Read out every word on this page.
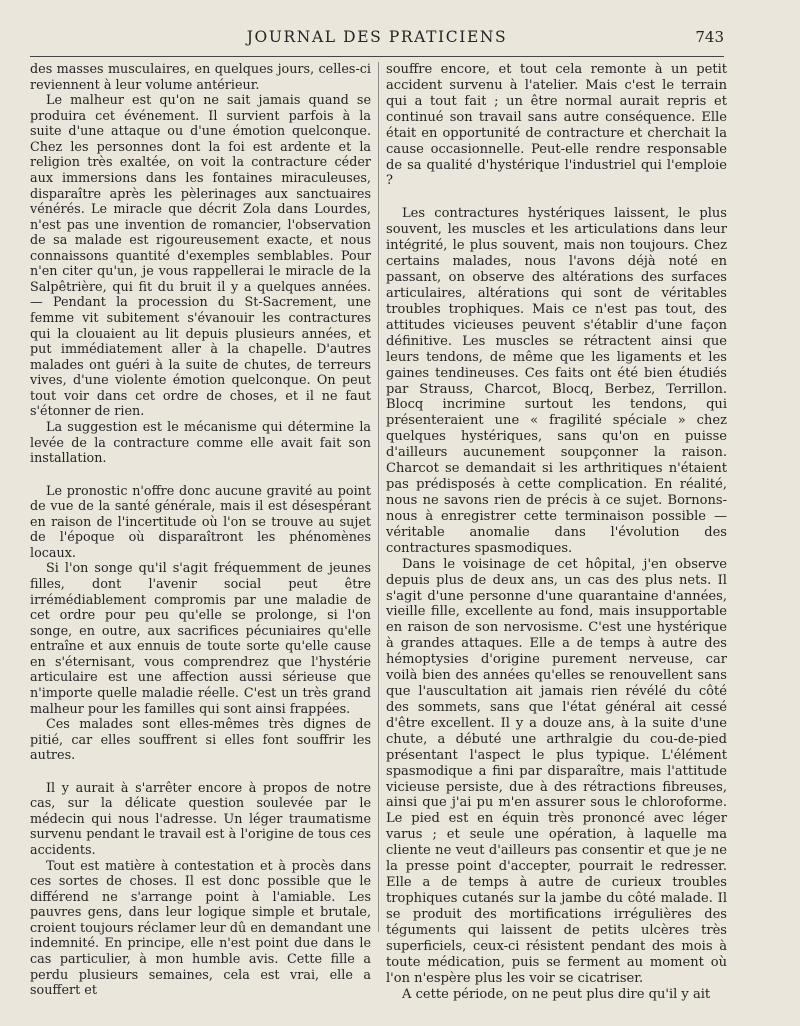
JOURNAL DES PRATICIENS	743

des masses musculaires, en quelques jours, celles-ci reviennent à leur volume antérieur.

Le malheur est qu'on ne sait jamais quand se produira cet événement. Il survient parfois à la suite d'une attaque ou d'une émotion quelconque. Chez les personnes dont la foi est ardente et la religion très exaltée, on voit la contracture céder aux immersions dans les fontaines miraculeuses, disparaître après les pèlerinages aux sanctuaires vénérés. Le miracle que décrit Zola dans Lourdes, n'est pas une invention de romancier, l'observation de sa malade est rigoureusement exacte, et nous connaissons quantité d'exemples semblables. Pour n'en citer qu'un, je vous rappellerai le miracle de la Salpêtrière, qui fit du bruit il y a quelques années. — Pendant la procession du St-Sacrement, une femme vit subitement s'évanouir les contractures qui la clouaient au lit depuis plusieurs années, et put immédiatement aller à la chapelle. D'autres malades ont guéri à la suite de chutes, de terreurs vives, d'une violente émotion quelconque. On peut tout voir dans cet ordre de choses, et il ne faut s'étonner de rien.

La suggestion est le mécanisme qui détermine la levée de la contracture comme elle avait fait son installation.

Le pronostic n'offre donc aucune gravité au point de vue de la santé générale, mais il est désespérant en raison de l'incertitude où l'on se trouve au sujet de l'époque où disparaîtront les phénomènes locaux.

Si l'on songe qu'il s'agit fréquemment de jeunes filles, dont l'avenir social peut être irrémédiablement compromis par une maladie de cet ordre pour peu qu'elle se prolonge, si l'on songe, en outre, aux sacrifices pécuniaires qu'elle entraîne et aux ennuis de toute sorte qu'elle cause en s'éternisant, vous comprendrez que l'hystérie articulaire est une affection aussi sérieuse que n'importe quelle maladie réelle. C'est un très grand malheur pour les familles qui sont ainsi frappées.

Ces malades sont elles-mêmes très dignes de pitié, car elles souffrent si elles font souffrir les autres.

Il y aurait à s'arrêter encore à propos de notre cas, sur la délicate question soulevée par le médecin qui nous l'adresse. Un léger traumatisme survenu pendant le travail est à l'origine de tous ces accidents.

Tout est matière à contestation et à procès dans ces sortes de choses. Il est donc possible que le différend ne s'arrange point à l'amiable. Les pauvres gens, dans leur logique simple et brutale, croient toujours réclamer leur dû en demandant une indemnité. En principe, elle n'est point due dans le cas particulier, à mon humble avis. Cette fille a perdu plusieurs semaines, cela est vrai, elle a souffert et

souffre encore, et tout cela remonte à un petit accident survenu à l'atelier. Mais c'est le terrain qui a tout fait ; un être normal aurait repris et continué son travail sans autre conséquence. Elle était en opportunité de contracture et cherchait la cause occasionnelle. Peut-elle rendre responsable de sa qualité d'hystérique l'industriel qui l'emploie ?

Les contractures hystériques laissent, le plus souvent, les muscles et les articulations dans leur intégrité, le plus souvent, mais non toujours. Chez certains malades, nous l'avons déjà noté en passant, on observe des altérations des surfaces articulaires, altérations qui sont de véritables troubles trophiques. Mais ce n'est pas tout, des attitudes vicieuses peuvent s'établir d'une façon définitive. Les muscles se rétractent ainsi que leurs tendons, de même que les ligaments et les gaines tendineuses. Ces faits ont été bien étudiés par Strauss, Charcot, Blocq, Berbez, Terrillon. Blocq incrimine surtout les tendons, qui présenteraient une « fragilité spéciale » chez quelques hystériques, sans qu'on en puisse d'ailleurs aucunement soupçonner la raison. Charcot se demandait si les arthritiques n'étaient pas prédisposés à cette complication. En réalité, nous ne savons rien de précis à ce sujet. Bornons-nous à enregistrer cette terminaison possible — véritable anomalie dans l'évolution des contractures spasmodiques.

Dans le voisinage de cet hôpital, j'en observe depuis plus de deux ans, un cas des plus nets. Il s'agit d'une personne d'une quarantaine d'années, vieille fille, excellente au fond, mais insupportable en raison de son nervosisme. C'est une hystérique à grandes attaques. Elle a de temps à autre des hémoptysies d'origine purement nerveuse, car voilà bien des années qu'elles se renouvellent sans que l'auscultation ait jamais rien révélé du côté des sommets, sans que l'état général ait cessé d'être excellent. Il y a douze ans, à la suite d'une chute, a débuté une arthralgie du cou-de-pied présentant l'aspect le plus typique. L'élément spasmodique a fini par disparaître, mais l'attitude vicieuse persiste, due à des rétractions fibreuses, ainsi que j'ai pu m'en assurer sous le chloroforme. Le pied est en équin très prononcé avec léger varus ; et seule une opération, à laquelle ma cliente ne veut d'ailleurs pas consentir et que je ne la presse point d'accepter, pourrait le redresser. Elle a de temps à autre de curieux troubles trophiques cutanés sur la jambe du côté malade. Il se produit des mortifications irrégulières des téguments qui laissent de petits ulcères très superficiels, ceux-ci résistent pendant des mois à toute médication, puis se ferment au moment où l'on n'espère plus les voir se cicatriser.

A cette période, on ne peut plus dire qu'il y ait
